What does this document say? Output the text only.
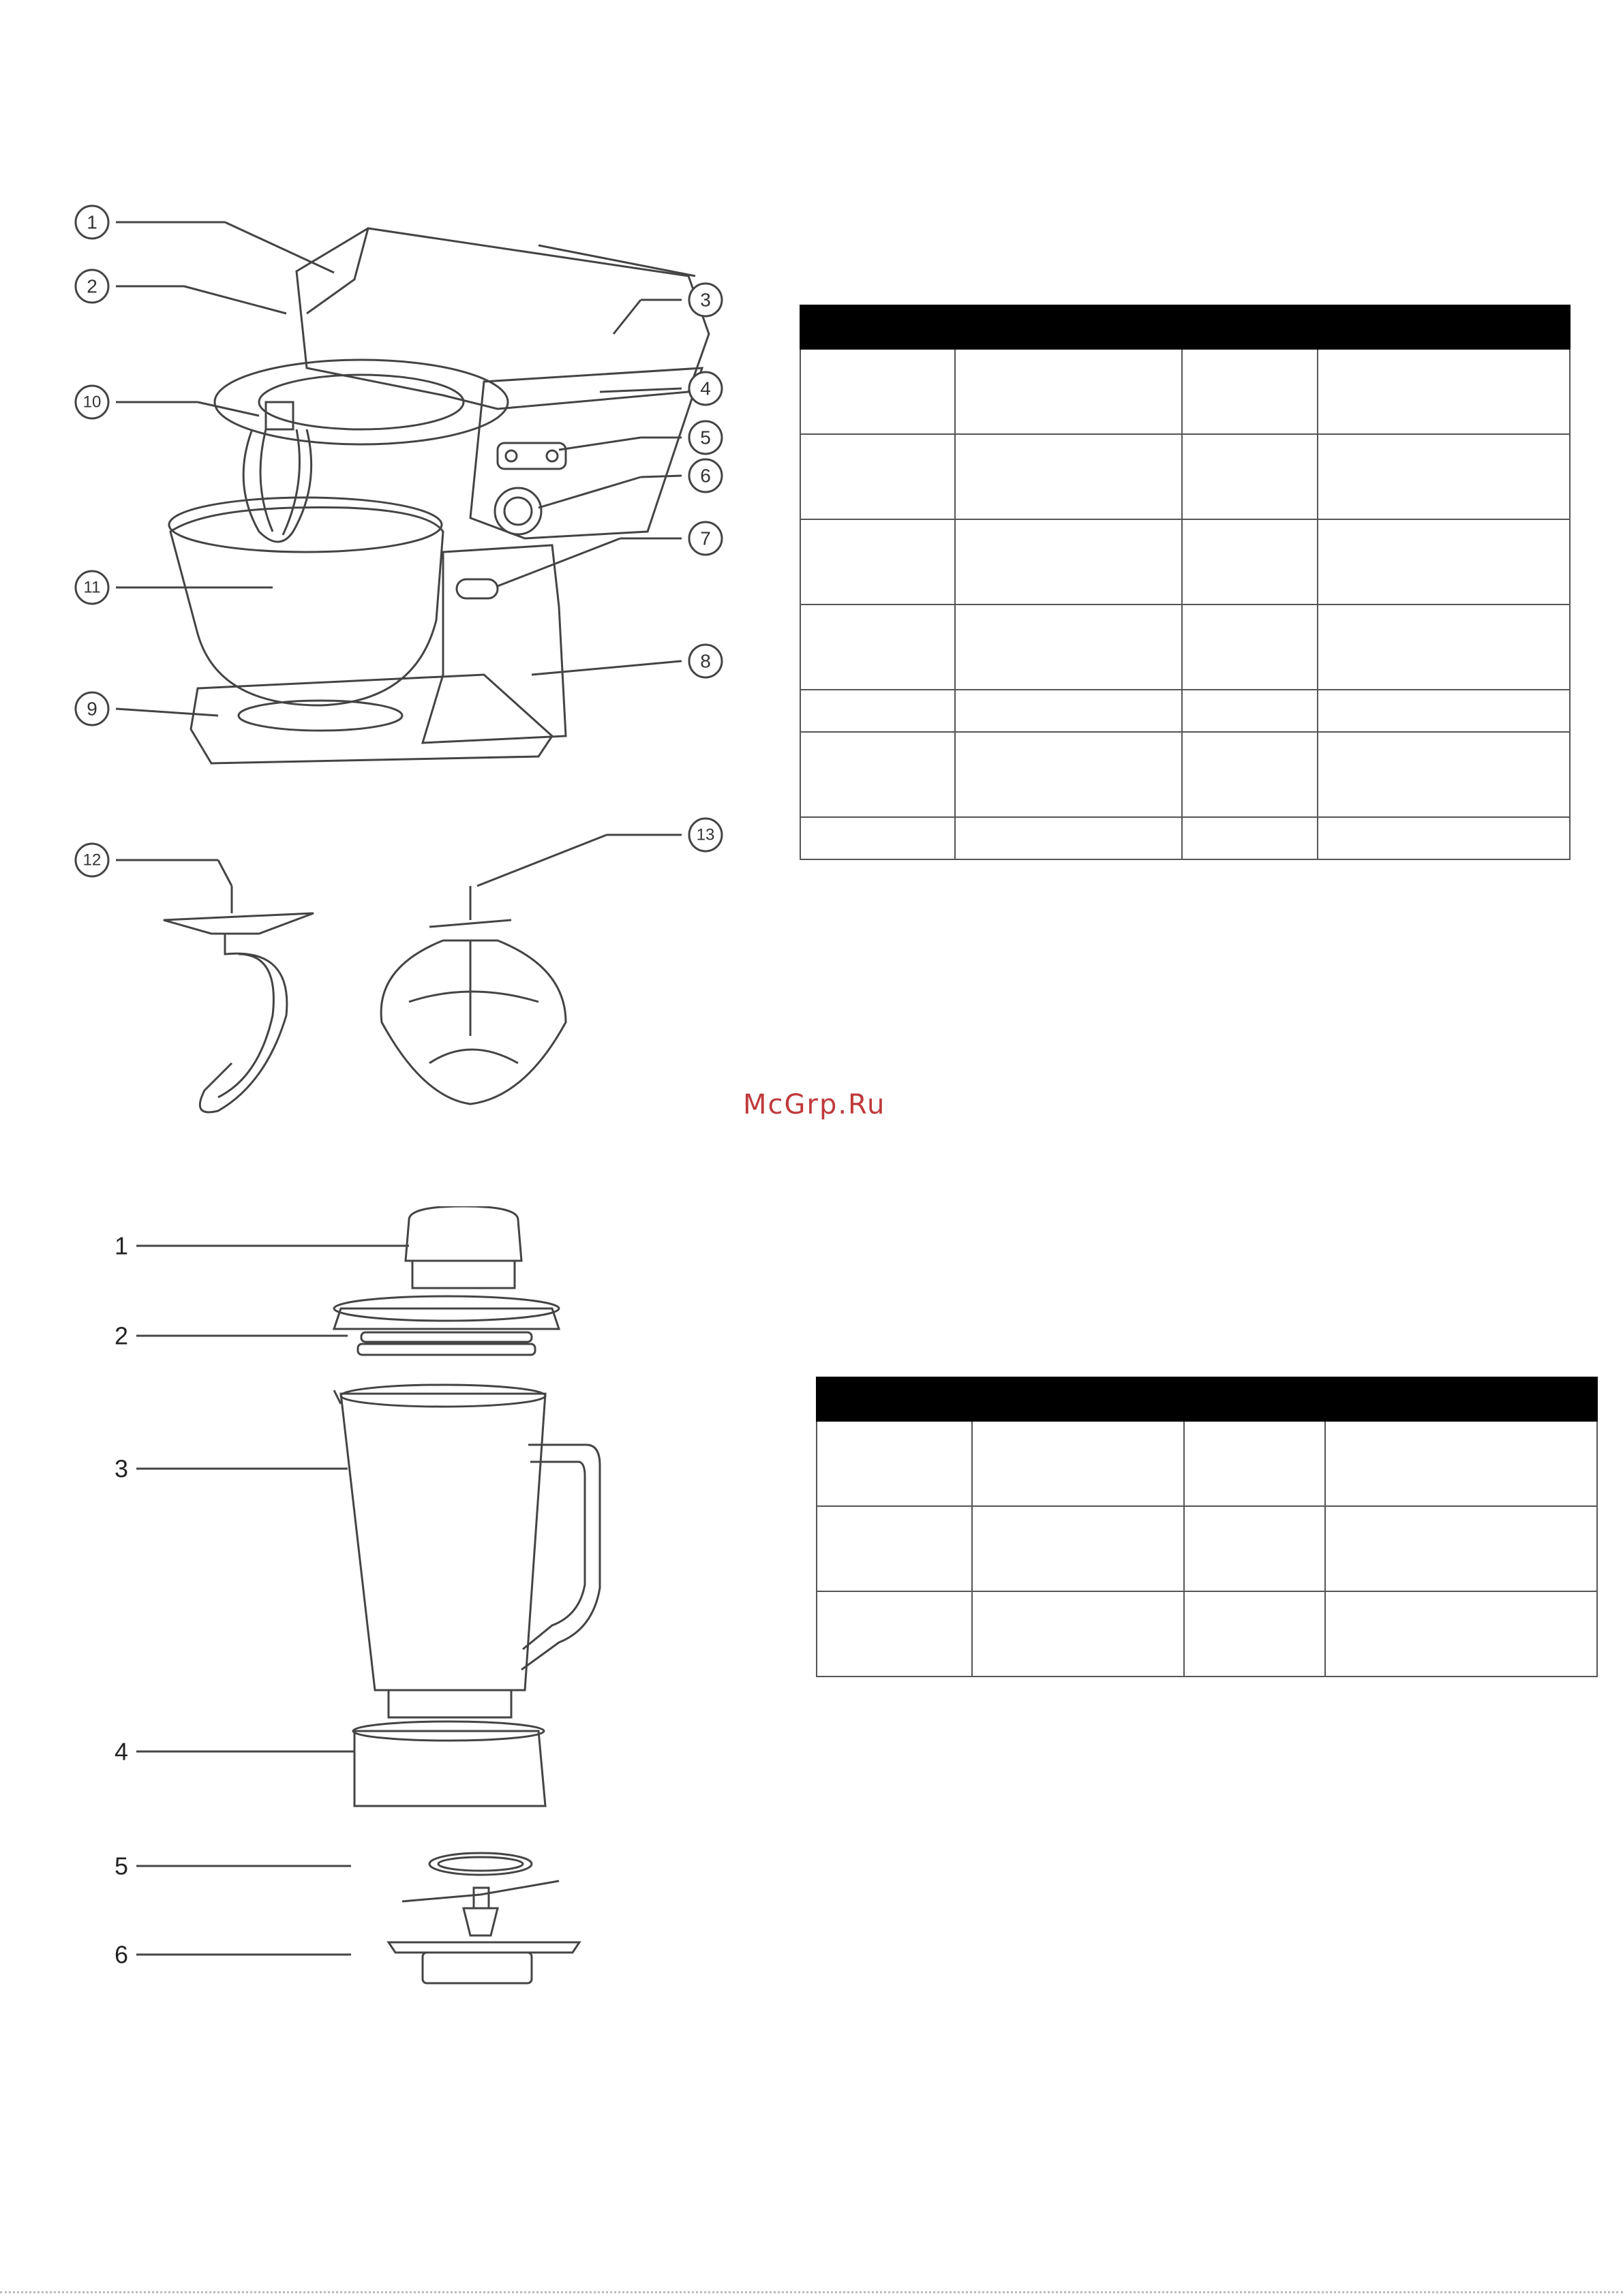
1
2
3
4
5
6
7
8
9
10
11
12
13

McGrp.Ru
1
2
3
4
5
6
